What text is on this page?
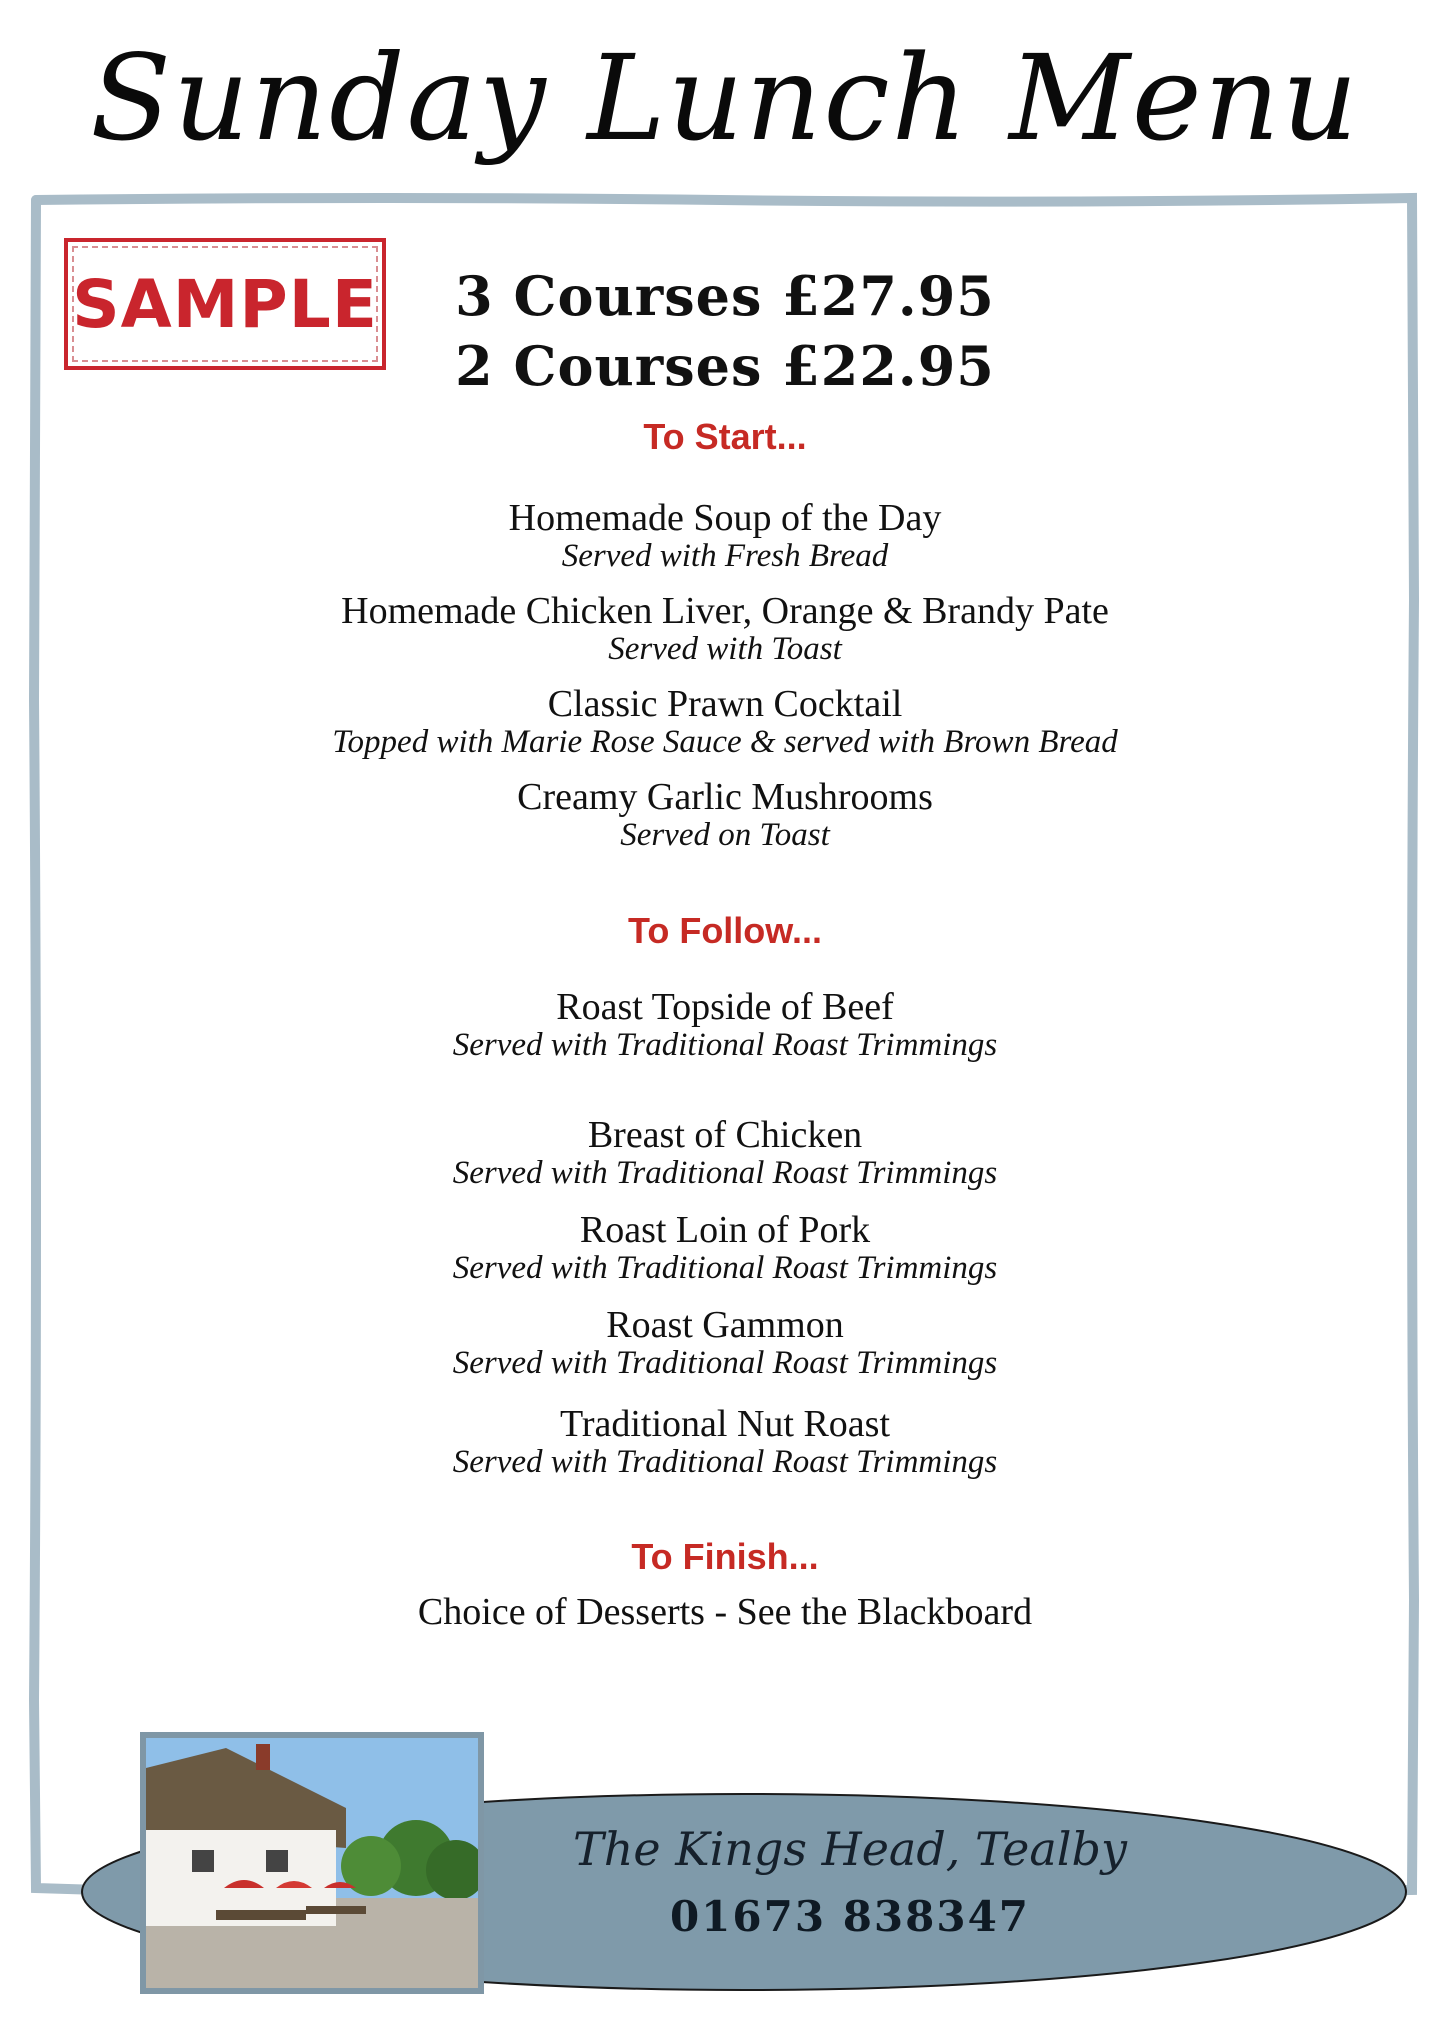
Sunday Lunch Menu
SAMPLE	3 Courses £27.95
2 Courses £22.95
To Start...
Homemade Soup of the Day
Served with Fresh Bread
Homemade Chicken Liver, Orange & Brandy Pate
Served with Toast
Classic Prawn Cocktail
Topped with Marie Rose Sauce & served with Brown Bread
Creamy Garlic Mushrooms
Served on Toast
To Follow...
Roast Topside of Beef
Served with Traditional Roast Trimmings
Breast of Chicken
Served with Traditional Roast Trimmings
Roast Loin of Pork
Served with Traditional Roast Trimmings
Roast Gammon
Served with Traditional Roast Trimmings
Traditional Nut Roast
Served with Traditional Roast Trimmings
To Finish...
Choice of Desserts - See the Blackboard
The Kings Head, Tealby
01673 838347
